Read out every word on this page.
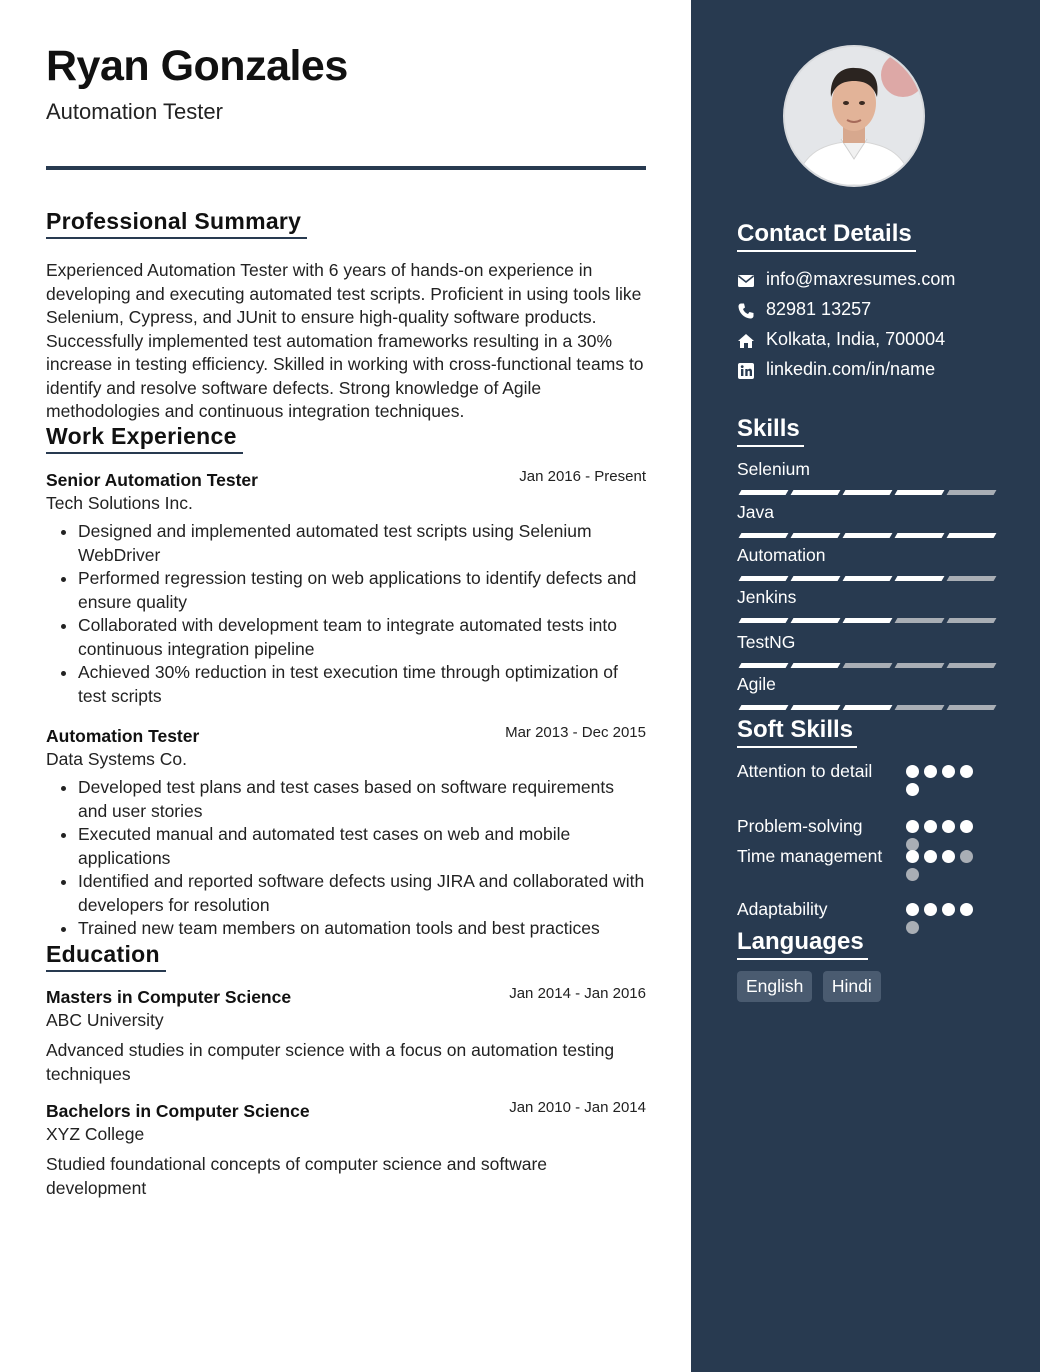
Ryan Gonzales
Automation Tester
Professional Summary
Experienced Automation Tester with 6 years of hands-on experience in developing and executing automated test scripts. Proficient in using tools like Selenium, Cypress, and JUnit to ensure high-quality software products. Successfully implemented test automation frameworks resulting in a 30% increase in testing efficiency. Skilled in working with cross-functional teams to identify and resolve software defects. Strong knowledge of Agile methodologies and continuous integration techniques.
Work Experience
Senior Automation Tester	Jan 2016 - Present
Tech Solutions Inc.
• Designed and implemented automated test scripts using Selenium WebDriver
• Performed regression testing on web applications to identify defects and ensure quality
• Collaborated with development team to integrate automated tests into continuous integration pipeline
• Achieved 30% reduction in test execution time through optimization of test scripts
Automation Tester	Mar 2013 - Dec 2015
Data Systems Co.
• Developed test plans and test cases based on software requirements and user stories
• Executed manual and automated test cases on web and mobile applications
• Identified and reported software defects using JIRA and collaborated with developers for resolution
• Trained new team members on automation tools and best practices
Education
Masters in Computer Science	Jan 2014 - Jan 2016
ABC University
Advanced studies in computer science with a focus on automation testing techniques
Bachelors in Computer Science	Jan 2010 - Jan 2014
XYZ College
Studied foundational concepts of computer science and software development
Contact Details
info@maxresumes.com
82981 13257
Kolkata, India, 700004
linkedin.com/in/name
Skills
Selenium
Java
Automation
Jenkins
TestNG
Agile
Soft Skills
Attention to detail
Problem-solving
Time management
Adaptability
Languages
English Hindi
